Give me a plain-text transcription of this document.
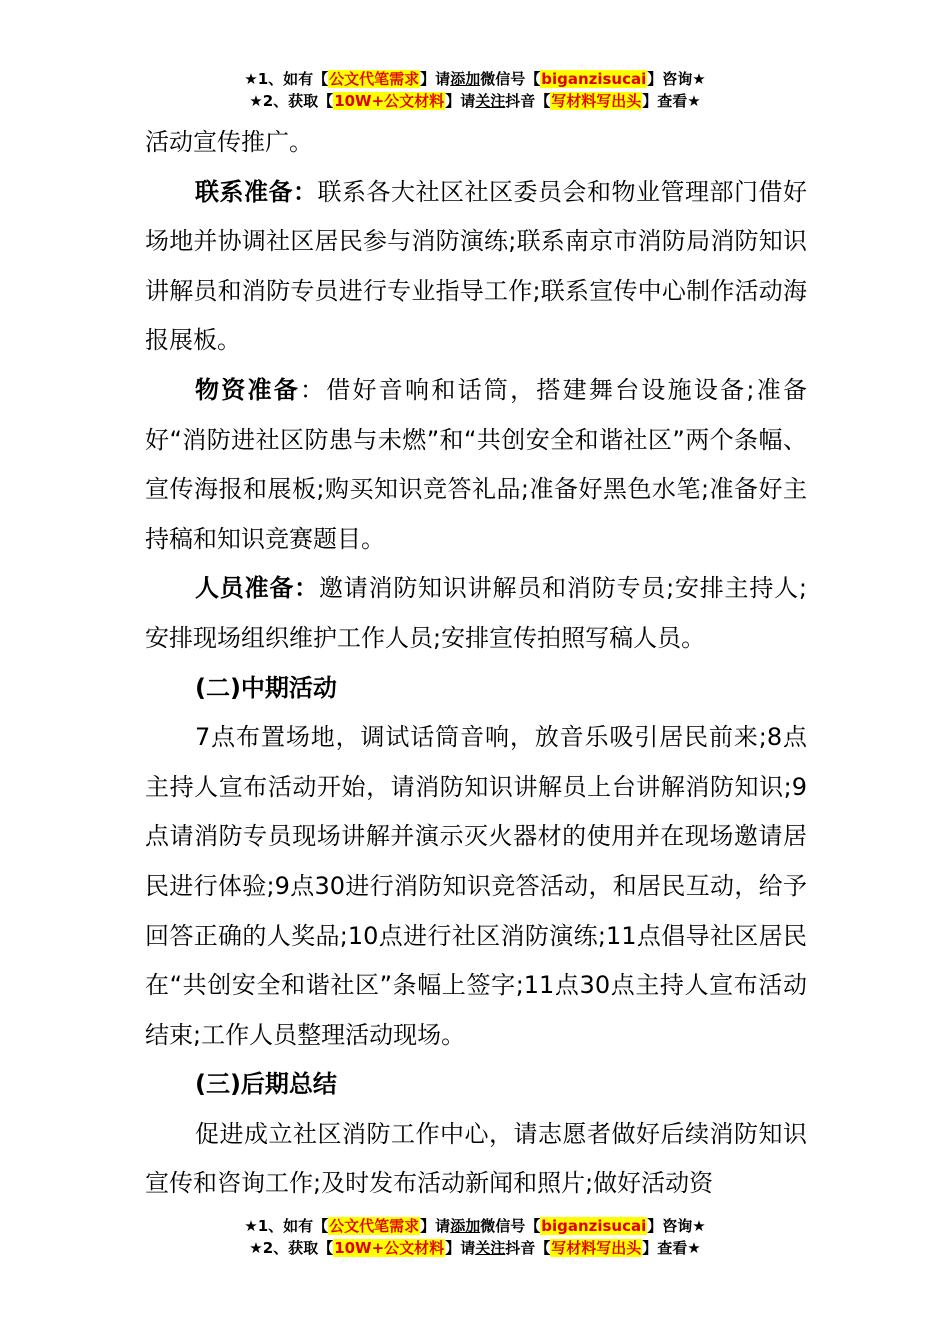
★1、如有【公文代笔需求】请添加微信号【biganzisucai】咨询★
★2、获取【10W+公文材料】请关注抖音【写材料写出头】查看★

活动宣传推广。

联系准备：联系各大社区社区委员会和物业管理部门借好场地并协调社区居民参与消防演练;联系南京市消防局消防知识讲解员和消防专员进行专业指导工作;联系宣传中心制作活动海报展板。

物资准备：借好音响和话筒，搭建舞台设施设备;准备好“消防进社区防患与未燃”和“共创安全和谐社区”两个条幅、宣传海报和展板;购买知识竞答礼品;准备好黑色水笔;准备好主持稿和知识竞赛题目。

人员准备：邀请消防知识讲解员和消防专员;安排主持人;安排现场组织维护工作人员;安排宣传拍照写稿人员。

(二)中期活动

7点布置场地，调试话筒音响，放音乐吸引居民前来;8点主持人宣布活动开始，请消防知识讲解员上台讲解消防知识;9点请消防专员现场讲解并演示灭火器材的使用并在现场邀请居民进行体验;9点30进行消防知识竞答活动，和居民互动，给予回答正确的人奖品;10点进行社区消防演练;11点倡导社区居民在“共创安全和谐社区”条幅上签字;11点30点主持人宣布活动结束;工作人员整理活动现场。

(三)后期总结

促进成立社区消防工作中心，请志愿者做好后续消防知识宣传和咨询工作;及时发布活动新闻和照片;做好活动资

★1、如有【公文代笔需求】请添加微信号【biganzisucai】咨询★
★2、获取【10W+公文材料】请关注抖音【写材料写出头】查看★
